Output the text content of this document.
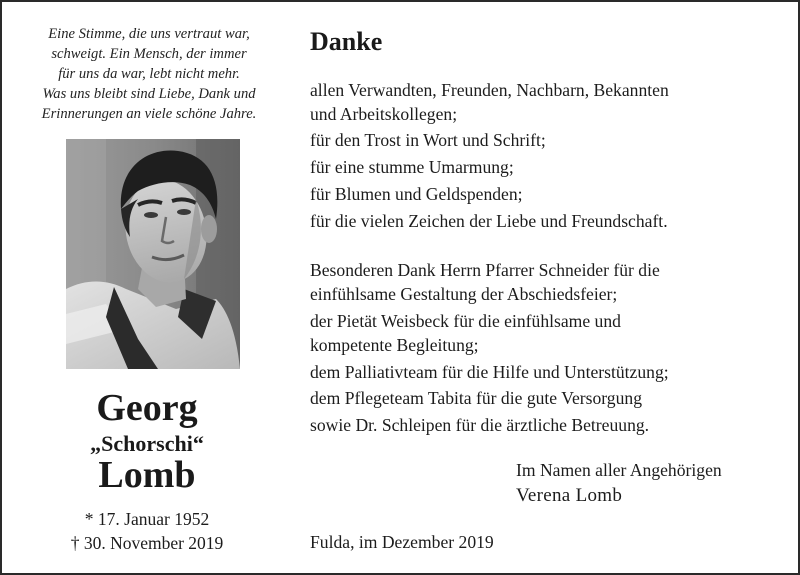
Eine Stimme, die uns vertraut war,
schweigt. Ein Mensch, der immer
für uns da war, lebt nicht mehr.
Was uns bleibt sind Liebe, Dank und
Erinnerungen an viele schöne Jahre.
Georg
„Schorschi“
Lomb
* 17. Januar 1952
† 30. November 2019
Danke
allen Verwandten, Freunden, Nachbarn, Bekannten
und Arbeitskollegen;
für den Trost in Wort und Schrift;
für eine stumme Umarmung;
für Blumen und Geldspenden;
für die vielen Zeichen der Liebe und Freundschaft.
Besonderen Dank Herrn Pfarrer Schneider für die
einfühlsame Gestaltung der Abschiedsfeier;
der Pietät Weisbeck für die einfühlsame und
kompetente Begleitung;
dem Palliativteam für die Hilfe und Unterstützung;
dem Pflegeteam Tabita für die gute Versorgung
sowie Dr. Schleipen für die ärztliche Betreuung.
Im Namen aller Angehörigen
Verena Lomb
Fulda, im Dezember 2019
